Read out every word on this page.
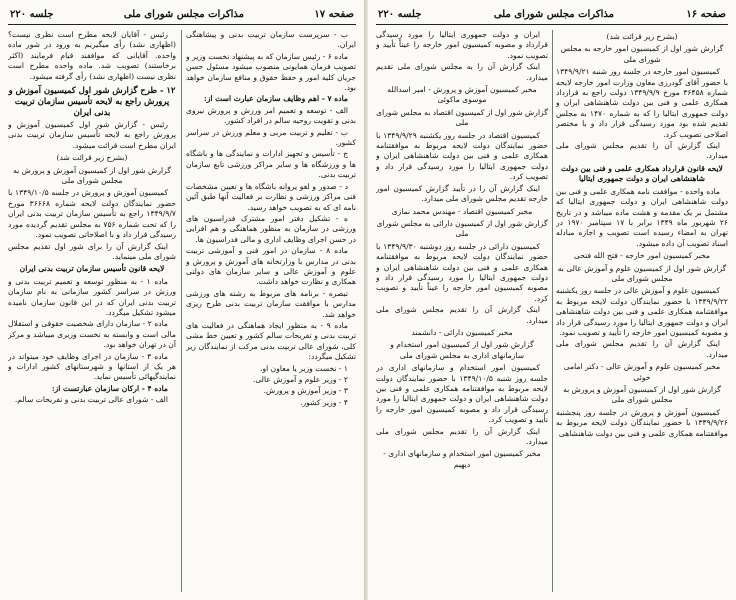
صفحه ۱۷
مذاکرات مجلس شورای ملی
جلسه ۲۲۰

ب - سرپرست سازمان تربیت بدنی و پیشاهنگی ایران.

ماده ۶ - رئیس سازمان که به پیشنهاد نخست وزیر و تصویب فرمان همایونی منصوب میشود مسئول حسن جریان کلیه امور و حفظ حقوق و منافع سازمان خواهد بود.

ماده ۷ - اهم وظایف سازمان عبارت است از:

الف - توسعه و تعمیم امر ورزش و پرورش نیروی بدنی و تقویت روحیه سالم در افراد کشور.

ب - تعلیم و تربیت مربی و معلم ورزش در سراسر کشور.

ج - تأسیس و تجهیز ادارات و نمایندگی ها و باشگاه ها و ورزشگاه ها و سایر مراکز ورزشی تابع سازمان تربیت بدنی.

د - صدور و لغو پروانه باشگاه ها و تعیین مشخصات فنی مراکز ورزشی و نظارت بر فعالیت آنها طبق آئین نامه ای که به تصویب خواهد رسید.

ه - تشکیل دفتر امور مشترک فدراسیون های ورزشی در سازمان به منظور هماهنگی و هم افزایی در حسن اجرای وظایف اداری و مالی فدراسیون ها.

ماده ۸ - سازمان در امور فنی و آموزشی تربیت بدنی در مدارس با وزارتخانه های آموزش و پرورش و علوم و آموزش عالی و سایر سازمان های دولتی همکاری و نظارت خواهد داشت.

تبصره - برنامه های مربوط به رشته های ورزشی مدارس با موافقت سازمان تربیت بدنی طرح ریزی خواهد شد.

ماده ۹ - به منظور ایجاد هماهنگی در فعالیت های تربیت بدنی و تفریحات سالم کشور و تعیین خط مشی کلی، شورای عالی تربیت بدنی مرکب از نمایندگان زیر تشکیل میگردد:

۱ - نخست وزیر یا معاون او.

۲ - وزیر علوم و آموزش عالی.

۳ - وزیر آموزش و پرورش.

۴ - وزیر کشور.

رئیس - آقایان لایحه مطرح است نظری نیست؟ (اظهاری نشد) رأی میگیریم به ورود در شور ماده واحده. آقایانی که موافقند قیام فرمایند (اکثر برخاستند) تصویب شد. ماده واحده مطرح است نظری نیست (اظهاری نشد) رأی گرفته میشود.

۱۲ - طرح گزارش شور اول کمیسیون آموزش و پرورش راجع به لایحه تأسیس سازمان تربیت بدنی ایران

رئیس - گزارش شور اول کمیسیون آموزش و پرورش راجع به لایحه تأسیس سازمان تربیت بدنی ایران مطرح است قرائت میشود.

(بشرح زیر قرائت شد)

گزارش شور اول از کمیسیون آموزش و پرورش به مجلس شورای ملی

کمیسیون آموزش و پرورش در جلسه ۱۳۴۹/۱۰/۵ با حضور نمایندگان دولت لایحه شماره ۳۶۶۶۸ مورخ ۱۳۴۹/۹/۷ راجع به تأسیس سازمان تربیت بدنی ایران را که تحت شماره ۷۵۶ به مجلس تقدیم گردیده مورد رسیدگی قرار داد و با اصلاحاتی تصویب نمود.

اینک گزارش آن را برای شور اول تقدیم مجلس شورای ملی مینماید.

لایحه قانون تأسیس سازمان تربیت بدنی ایران

ماده ۱ - به منظور توسعه و تعمیم تربیت بدنی و ورزش در سراسر کشور سازمانی به نام سازمان تربیت بدنی ایران که در این قانون سازمان نامیده میشود تشکیل میگردد.

ماده ۲ - سازمان دارای شخصیت حقوقی و استقلال مالی است و وابسته به نخست وزیری میباشد و مرکز آن در تهران خواهد بود.

ماده ۳ - سازمان در اجرای وظایف خود میتواند در هر یک از استانها و شهرستانهای کشور ادارات و نمایندگیهائی تأسیس نماید.

ماده ۴ - ارکان سازمان عبارتست از:

الف - شورای عالی تربیت بدنی و تفریحات سالم.

صفحه ۱۶
مذاکرات مجلس شورای ملی
جلسه ۲۲۰

(بشرح زیر قرائت شد)

گزارش شور اول از کمیسیون امور خارجه به مجلس شورای ملی

کمیسیون امور خارجه در جلسه روز شنبه ۱۳۴۹/۹/۲۱ با حضور آقای گودرزی معاون وزارت امور خارجه لایحه شماره ۳۶۴۵۸ مورخ ۱۳۴۹/۹/۹ دولت راجع به قرارداد همکاری علمی و فنی بین دولت شاهنشاهی ایران و دولت جمهوری ایتالیا را که به شماره ۱۴۷۰ به مجلس تقدیم شده بود مورد رسیدگی قرار داد و با مختصر اصلاحی تصویب کرد.

اینک گزارش آن را تقدیم مجلس شورای ملی میدارد.

لایحه قانون قرارداد همکاری علمی و فنی بین دولت شاهنشاهی ایران و دولت جمهوری ایتالیا

ماده واحده - موافقت نامه همکاری علمی و فنی بین دولت شاهنشاهی ایران و دولت جمهوری ایتالیا که مشتمل بر یک مقدمه و هشت ماده میباشد و در تاریخ ۲۶ شهریور ماه ۱۳۴۹ برابر با ۱۷ سپتامبر ۱۹۷۰ در تهران به امضاء رسیده است تصویب و اجازه مبادله اسناد تصویب آن داده میشود.

مخبر کمیسیون امور خارجه - فتح الله فتحی

گزارش شور اول از کمیسیون علوم و آموزش عالی به مجلس شورای ملی

کمیسیون علوم و آموزش عالی در جلسه روز یکشنبه ۱۳۴۹/۹/۲۲ با حضور نمایندگان دولت لایحه مربوط به موافقتنامه همکاری علمی و فنی بین دولت شاهنشاهی ایران و دولت جمهوری ایتالیا را مورد رسیدگی قرار داد و مصوبه کمیسیون امور خارجه را تأیید و تصویب نمود.

اینک گزارش آن را تقدیم مجلس شورای ملی میدارد.

مخبر کمیسیون علوم و آموزش عالی - دکتر امامی خوئی

گزارش شور اول از کمیسیون آموزش و پرورش به مجلس شورای ملی

کمیسیون آموزش و پرورش در جلسه روز پنجشنبه ۱۳۴۹/۹/۲۶ با حضور نمایندگان دولت لایحه مربوط به موافقتنامه همکاری علمی و فنی بین دولت شاهنشاهی

ایران و دولت جمهوری ایتالیا را مورد رسیدگی قرارداد و مصوبه کمیسیون امور خارجه را عیناً تأیید و تصویب نمود.

اینک گزارش آن را به مجلس شورای ملی تقدیم میدارد.

مخبر کمیسیون آموزش و پرورش - امیر اسدالله موسوی ماکوئی

گزارش شور اول از کمیسیون اقتصاد به مجلس شورای ملی

کمیسیون اقتصاد در جلسه روز یکشنبه ۱۳۴۹/۹/۲۹ با حضور نمایندگان دولت لایحه مربوط به موافقتنامه همکاری علمی و فنی بین دولت شاهنشاهی ایران و دولت جمهوری ایتالیا را مورد رسیدگی قرار داد و تصویب کرد.

اینک گزارش آن را در تأیید گزارش کمیسیون امور خارجه تقدیم مجلس شورای ملی میدارد.

مخبر کمیسیون اقتصاد - مهندس محمد نمازی

گزارش شور اول از کمیسیون دارائی به مجلس شورای ملی

کمیسیون دارائی در جلسه روز دوشنبه ۱۳۴۹/۹/۳۰ با حضور نمایندگان دولت لایحه مربوط به موافقتنامه همکاری علمی و فنی بین دولت شاهنشاهی ایران و دولت جمهوری ایتالیا را مورد رسیدگی قرار داد و مصوبه کمیسیون امور خارجه را عیناً تأیید و تصویب کرد.

اینک گزارش آن را تقدیم مجلس شورای ملی میدارد.

مخبر کمیسیون دارائی - دانشمند

گزارش شور اول از کمیسیون امور استخدام و سازمانهای اداری به مجلس شورای ملی

کمیسیون امور استخدام و سازمانهای اداری در جلسه روز شنبه ۱۳۴۹/۱۰/۵ با حضور نمایندگان دولت لایحه مربوط به موافقتنامه همکاری علمی و فنی بین دولت شاهنشاهی ایران و دولت جمهوری ایتالیا را مورد رسیدگی قرار داد و مصوبه کمیسیون امور خارجه را تأیید و تصویب کرد.

اینک گزارش آن را تقدیم مجلس شورای ملی میدارد.

مخبر کمیسیون امور استخدام و سازمانهای اداری - دیهیم
